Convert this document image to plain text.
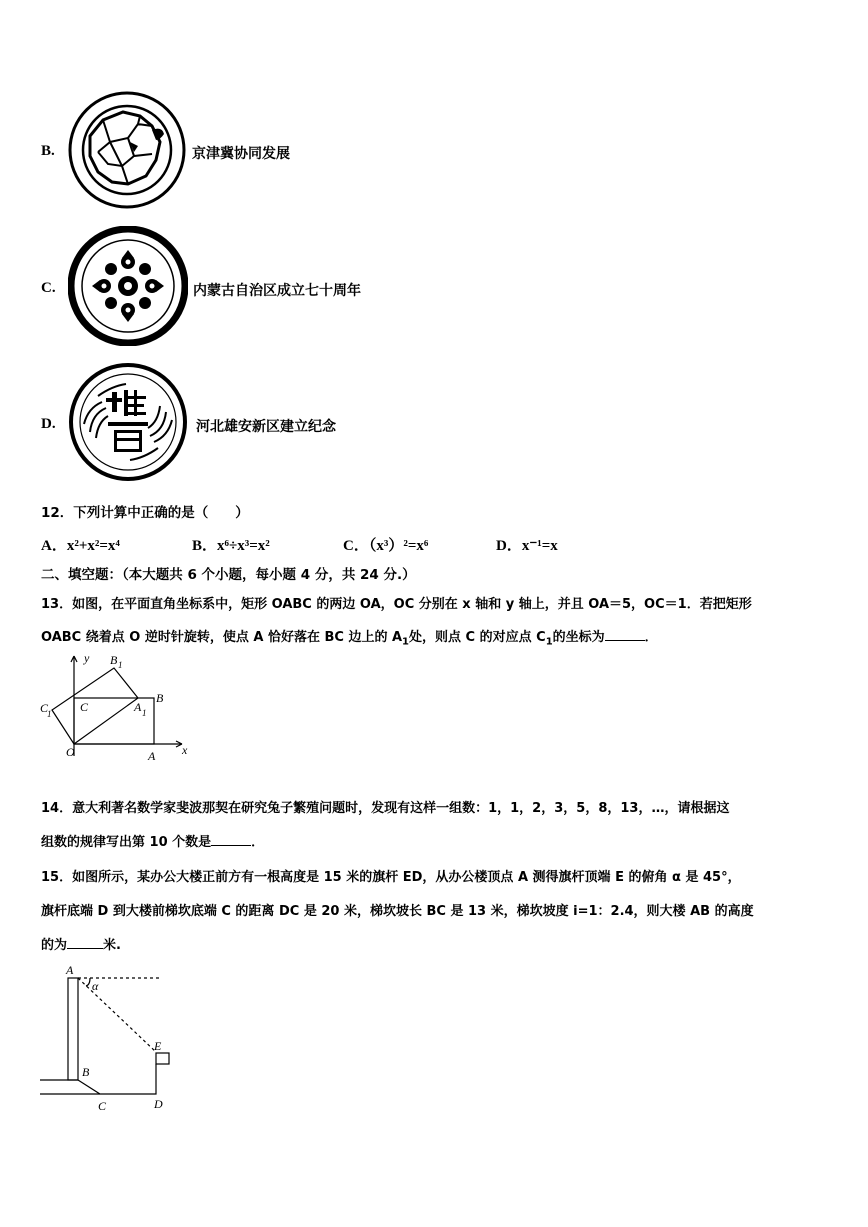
B.	京津冀协同发展
C.	内蒙古自治区成立七十周年
D.	河北雄安新区建立纪念
12．下列计算中正确的是（　　）
A．x²+x²=x⁴	B．x⁶÷x³=x²	C．（x³）²=x⁶	D．x⁻¹=x
二、填空题：（本大题共 6 个小题，每小题 4 分，共 24 分.）
13．如图，在平面直角坐标系中，矩形 OABC 的两边 OA，OC 分别在 x 轴和 y 轴上，并且 OA＝5，OC＝1．若把矩形
OABC 绕着点 O 逆时针旋转，使点 A 恰好落在 BC 边上的 $A_1$处，则点 C 的对应点 $C_1$的坐标为	．
y B 1
B
C
1 C	A 1
O	A x
14．意大利著名数学家斐波那契在研究兔子繁殖问题时，发现有这样一组数：1，1，2，3，5，8，13，…，请根据这
组数的规律写出第 10 个数是	．
15．如图所示，某办公大楼正前方有一根高度是 15 米的旗杆 ED，从办公楼顶点 A 测得旗杆顶端 E 的俯角 α 是 45°，
旗杆底端 D 到大楼前梯坎底端 C 的距离 DC 是 20 米，梯坎坡长 BC 是 13 米，梯坎坡度 i=1：2.4，则大楼 AB 的高度
的为	米.
A
α
E
B
C	D
